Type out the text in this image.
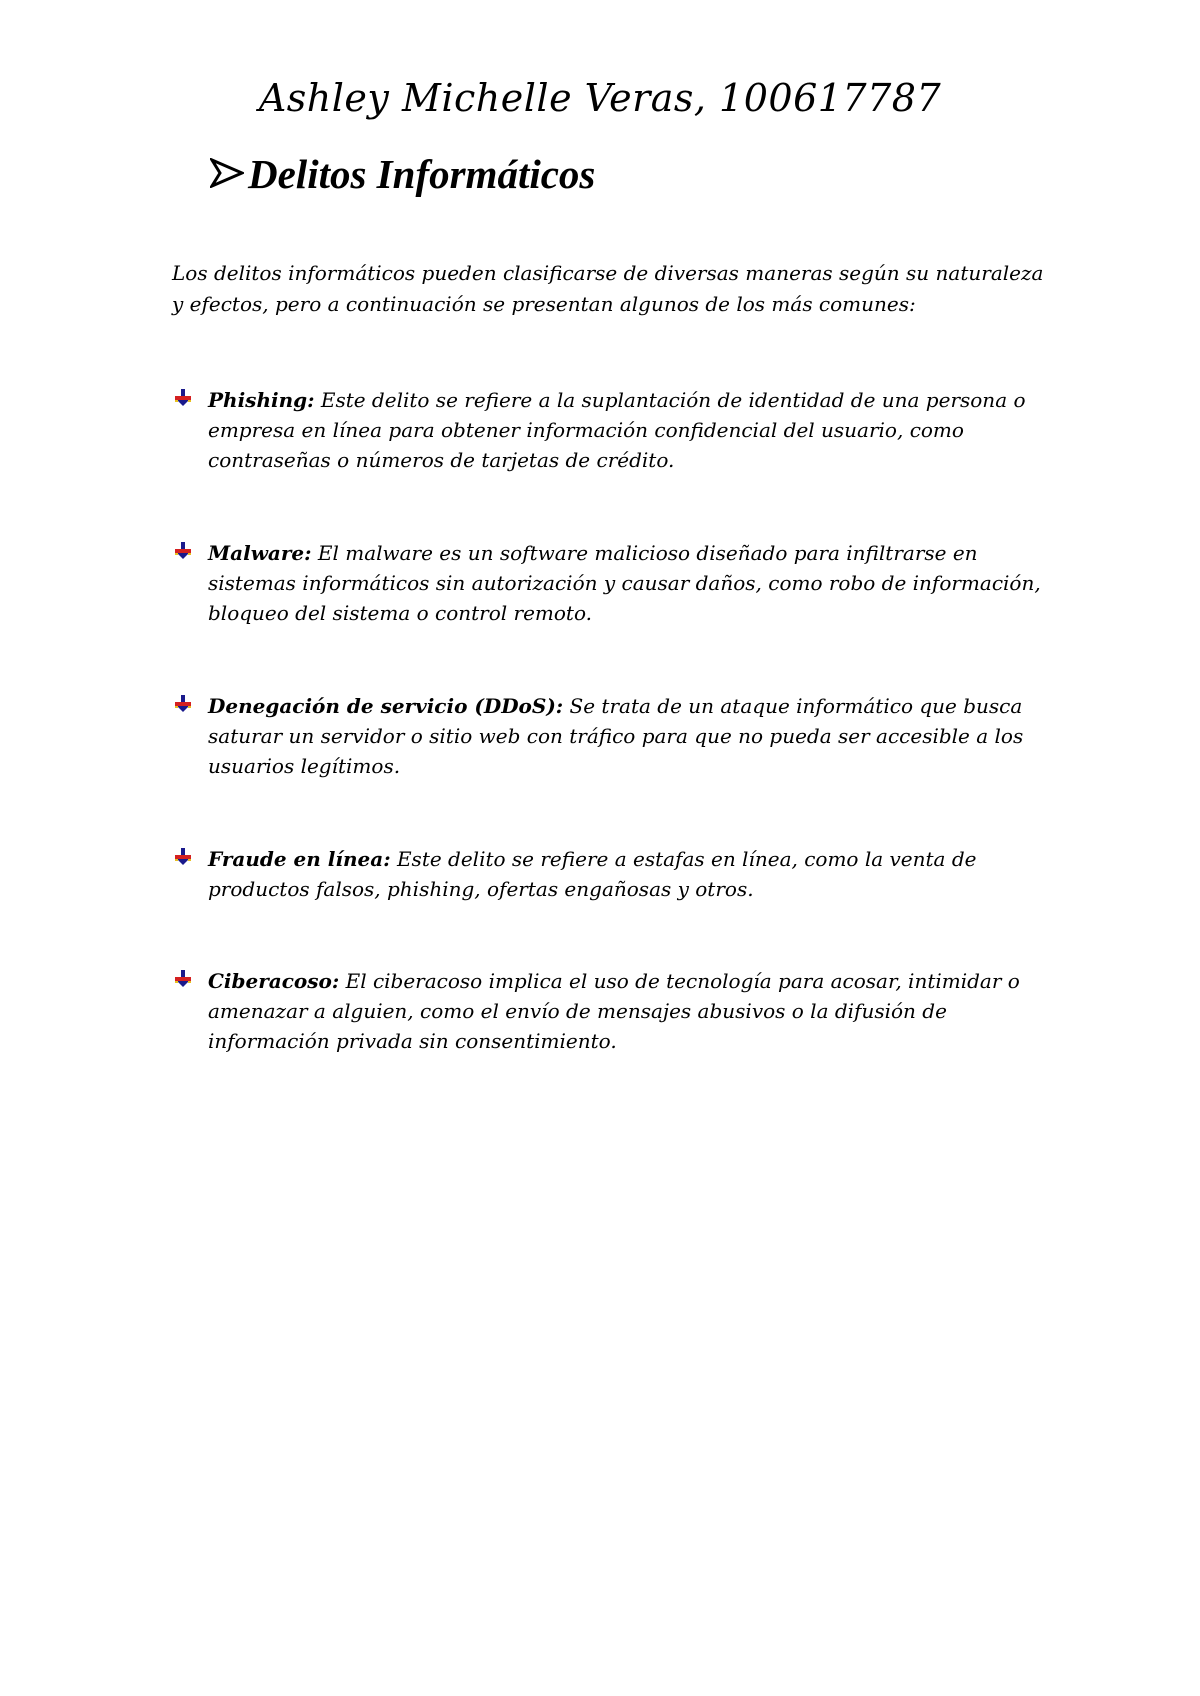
Ashley Michelle Veras, 100617787
Delitos Informáticos
Los delitos informáticos pueden clasificarse de diversas maneras según su naturaleza y efectos, pero a continuación se presentan algunos de los más comunes:
Phishing: Este delito se refiere a la suplantación de identidad de una persona o empresa en línea para obtener información confidencial del usuario, como contraseñas o números de tarjetas de crédito.
Malware: El malware es un software malicioso diseñado para infiltrarse en sistemas informáticos sin autorización y causar daños, como robo de información, bloqueo del sistema o control remoto.
Denegación de servicio (DDoS): Se trata de un ataque informático que busca saturar un servidor o sitio web con tráfico para que no pueda ser accesible a los usuarios legítimos.
Fraude en línea: Este delito se refiere a estafas en línea, como la venta de productos falsos, phishing, ofertas engañosas y otros.
Ciberacoso: El ciberacoso implica el uso de tecnología para acosar, intimidar o amenazar a alguien, como el envío de mensajes abusivos o la difusión de información privada sin consentimiento.
